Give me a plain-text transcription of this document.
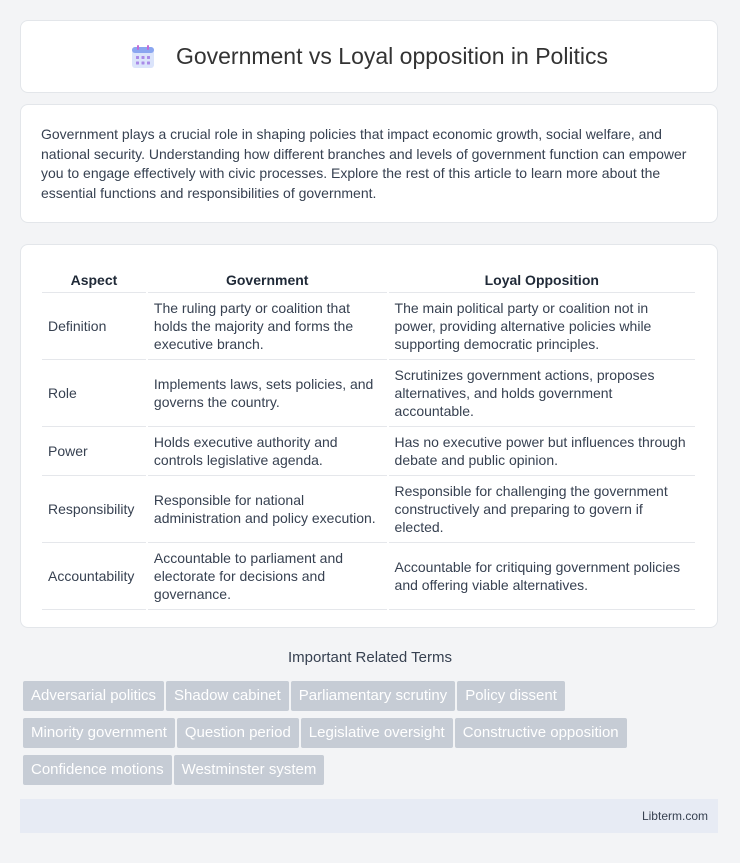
Government vs Loyal opposition in Politics
Government plays a crucial role in shaping policies that impact economic growth, social welfare, and national security. Understanding how different branches and levels of government function can empower you to engage effectively with civic processes. Explore the rest of this article to learn more about the essential functions and responsibilities of government.
Aspect	Government	Loyal Opposition
Definition	The ruling party or coalition that holds the majority and forms the executive branch.	The main political party or coalition not in power, providing alternative policies while supporting democratic principles.
Role	Implements laws, sets policies, and governs the country.	Scrutinizes government actions, proposes alternatives, and holds government accountable.
Power	Holds executive authority and controls legislative agenda.	Has no executive power but influences through debate and public opinion.
Responsibility	Responsible for national administration and policy execution.	Responsible for challenging the government constructively and preparing to govern if elected.
Accountability	Accountable to parliament and electorate for decisions and governance.	Accountable for critiquing government policies and offering viable alternatives.
Important Related Terms
Adversarial politics Shadow cabinet Parliamentary scrutiny Policy dissent
Minority government Question period Legislative oversight Constructive opposition
Confidence motions Westminster system
Libterm.com
